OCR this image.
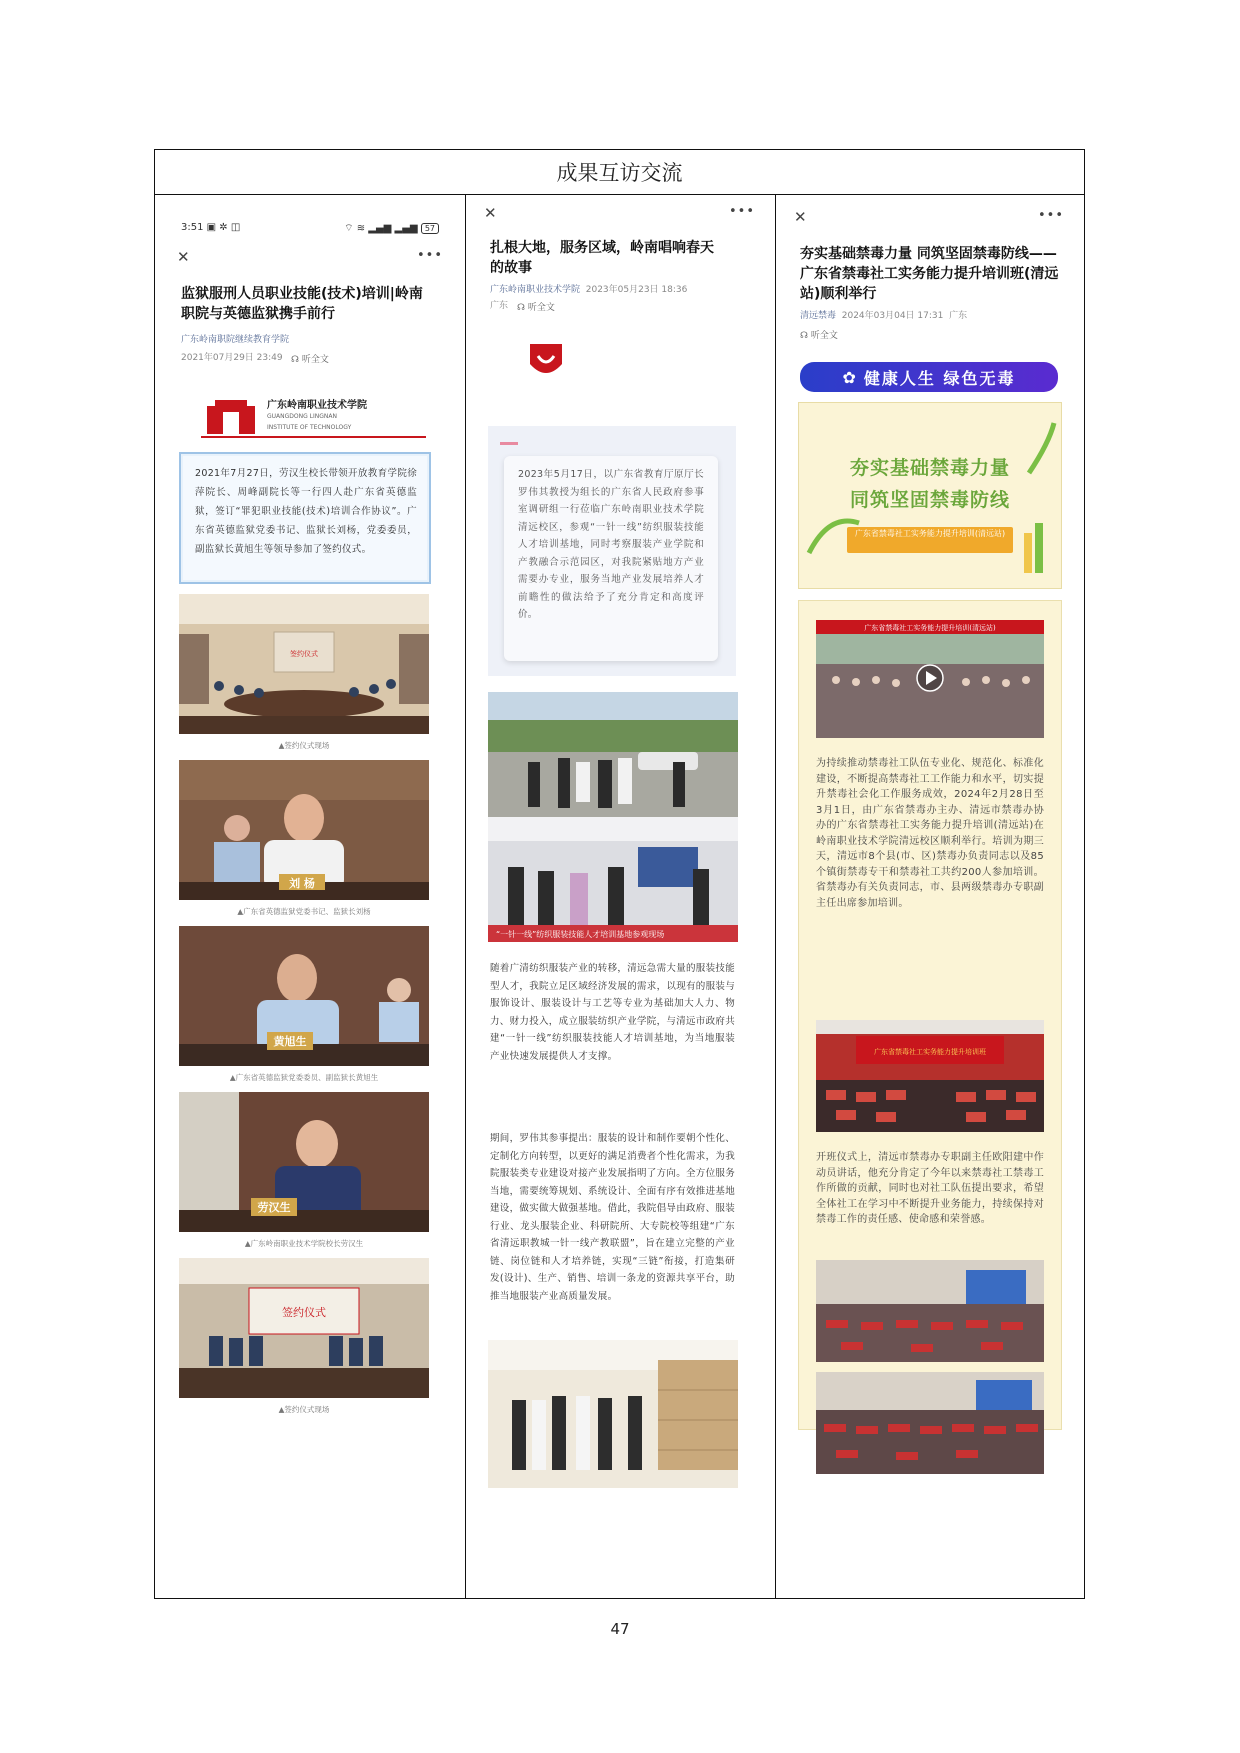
成果互访交流
3:51 ▣ ✲ ◫	⌔ ≋ ▂▄▆ ▂▄▆ 57
✕	•••
监狱服刑人员职业技能(技术)培训|岭南职院与英德监狱携手前行
广东岭南职院继续教育学院
2021年07月29日 23:49 ☊ 听全文
广东岭南职业技术学院
GUANGDONG LINGNAN
INSTITUTE OF TECHNOLOGY
2021年7月27日，劳汉生校长带领开放教育学院徐萍院长、周峰副院长等一行四人赴广东省英德监狱，签订“罪犯职业技能(技术)培训合作协议”。广东省英德监狱党委书记、监狱长刘杨，党委委员，副监狱长黄旭生等领导参加了签约仪式。
签约仪式
▲签约仪式现场
刘 杨
▲广东省英德监狱党委书记、监狱长刘杨
黄旭生
▲广东省英德监狱党委委员、副监狱长黄旭生
劳汉生
▲广东岭南职业技术学院校长劳汉生
签约仪式
▲签约仪式现场
✕	•••
扎根大地，服务区域，岭南唱响春天的故事
广东岭南职业技术学院 2023年05月23日 18:36
广东 ☊ 听全文
2023年5月17日，以广东省教育厅原厅长罗伟其教授为组长的广东省人民政府参事室调研组一行莅临广东岭南职业技术学院清远校区，参观“一针一线”纺织服装技能人才培训基地，同时考察服装产业学院和产教融合示范园区，对我院紧贴地方产业需要办专业，服务当地产业发展培养人才前瞻性的做法给予了充分肯定和高度评价。
“一针一线”纺织服装技能人才培训基地参观现场
随着广清纺织服装产业的转移，清远急需大量的服装技能型人才，我院立足区域经济发展的需求，以现有的服装与服饰设计、服装设计与工艺等专业为基础加大人力、物力、财力投入，成立服装纺织产业学院，与清远市政府共建“一针一线”纺织服装技能人才培训基地，为当地服装产业快速发展提供人才支撑。
期间，罗伟其参事提出：服装的设计和制作要朝个性化、定制化方向转型，以更好的满足消费者个性化需求，为我院服装类专业建设对接产业发展指明了方向。全方位服务当地，需要统筹规划、系统设计、全面有序有效推进基地建设，做实做大做强基地。借此，我院倡导由政府、服装行业、龙头服装企业、科研院所、大专院校等组建“广东省清远职教城一针一线产教联盟”，旨在建立完整的产业链、岗位链和人才培养链，实现“三链”衔接，打造集研发(设计)、生产、销售、培训一条龙的资源共享平台，助推当地服装产业高质量发展。
✕	•••
夯实基础禁毒力量 同筑坚固禁毒防线——广东省禁毒社工实务能力提升培训班(清远站)顺利举行
清远禁毒 2024年03月04日 17:31 广东
☊ 听全文
✿ 健康人生 绿色无毒
夯实基础禁毒力量
同筑坚固禁毒防线
广东省禁毒社工实务能力提升培训(清远站)
广东省禁毒社工实务能力提升培训(清远站)
为持续推动禁毒社工队伍专业化、规范化、标准化建设，不断提高禁毒社工工作能力和水平，切实提升禁毒社会化工作服务成效，2024年2月28日至3月1日，由广东省禁毒办主办、清远市禁毒办协办的广东省禁毒社工实务能力提升培训(清远站)在岭南职业技术学院清远校区顺利举行。培训为期三天，清远市8个县(市、区)禁毒办负责同志以及85个镇街禁毒专干和禁毒社工共约200人参加培训。省禁毒办有关负责同志，市、县两级禁毒办专职副主任出席参加培训。
广东省禁毒社工实务能力提升培训班
开班仪式上，清远市禁毒办专职副主任欧阳建中作动员讲话，他充分肯定了今年以来禁毒社工禁毒工作所做的贡献，同时也对社工队伍提出要求，希望全体社工在学习中不断提升业务能力，持续保持对禁毒工作的责任感、使命感和荣誉感。
47
